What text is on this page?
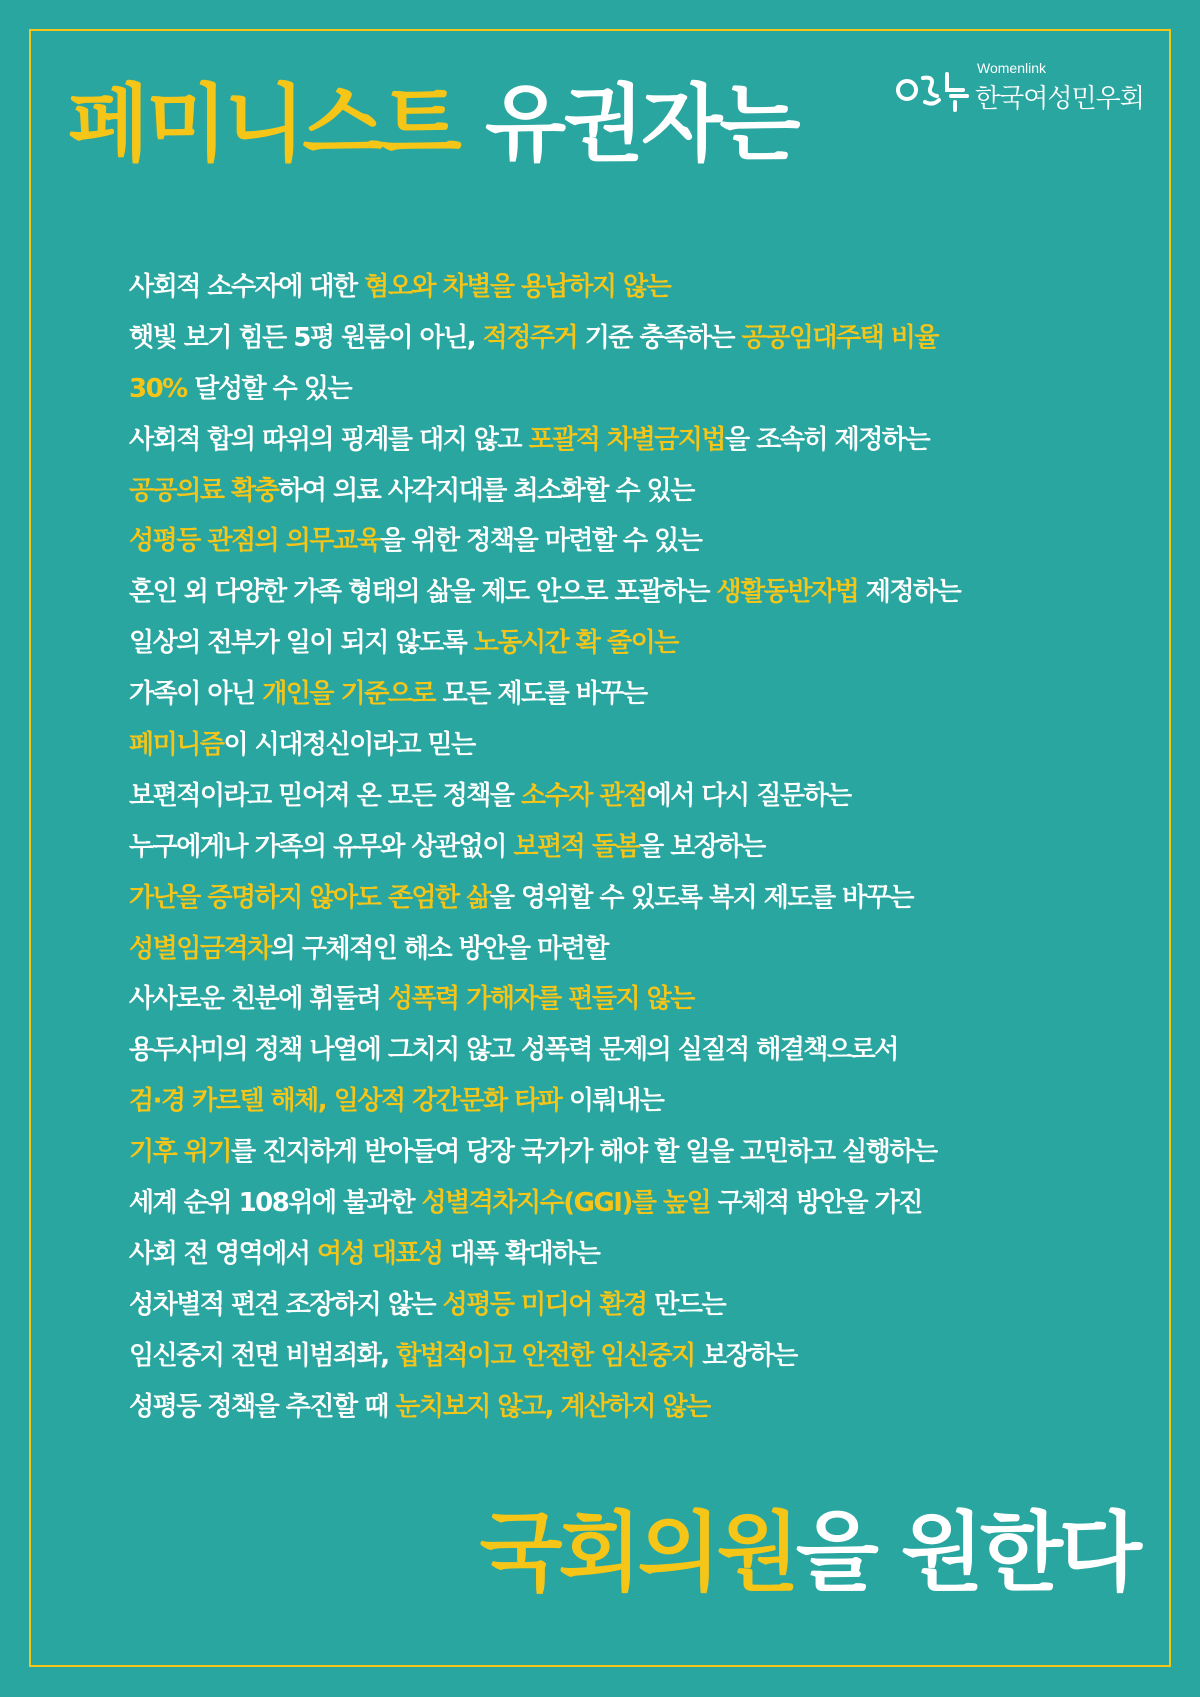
페미니스트 유권자는
Womenlink
한국여성민우회
사회적 소수자에 대한 혐오와 차별을 용납하지 않는
햇빛 보기 힘든 5평 원룸이 아닌, 적정주거 기준 충족하는 공공임대주택 비율
30% 달성할 수 있는
사회적 합의 따위의 핑계를 대지 않고 포괄적 차별금지법을 조속히 제정하는
공공의료 확충하여 의료 사각지대를 최소화할 수 있는
성평등 관점의 의무교육을 위한 정책을 마련할 수 있는
혼인 외 다양한 가족 형태의 삶을 제도 안으로 포괄하는 생활동반자법 제정하는
일상의 전부가 일이 되지 않도록 노동시간 확 줄이는
가족이 아닌 개인을 기준으로 모든 제도를 바꾸는
페미니즘이 시대정신이라고 믿는
보편적이라고 믿어져 온 모든 정책을 소수자 관점에서 다시 질문하는
누구에게나 가족의 유무와 상관없이 보편적 돌봄을 보장하는
가난을 증명하지 않아도 존엄한 삶을 영위할 수 있도록 복지 제도를 바꾸는
성별임금격차의 구체적인 해소 방안을 마련할
사사로운 친분에 휘둘려 성폭력 가해자를 편들지 않는
용두사미의 정책 나열에 그치지 않고 성폭력 문제의 실질적 해결책으로서
검·경 카르텔 해체, 일상적 강간문화 타파 이뤄내는
기후 위기를 진지하게 받아들여 당장 국가가 해야 할 일을 고민하고 실행하는
세계 순위 108위에 불과한 성별격차지수(GGI)를 높일 구체적 방안을 가진
사회 전 영역에서 여성 대표성 대폭 확대하는
성차별적 편견 조장하지 않는 성평등 미디어 환경 만드는
임신중지 전면 비범죄화, 합법적이고 안전한 임신중지 보장하는
성평등 정책을 추진할 때 눈치보지 않고, 계산하지 않는
국회의원을 원한다
